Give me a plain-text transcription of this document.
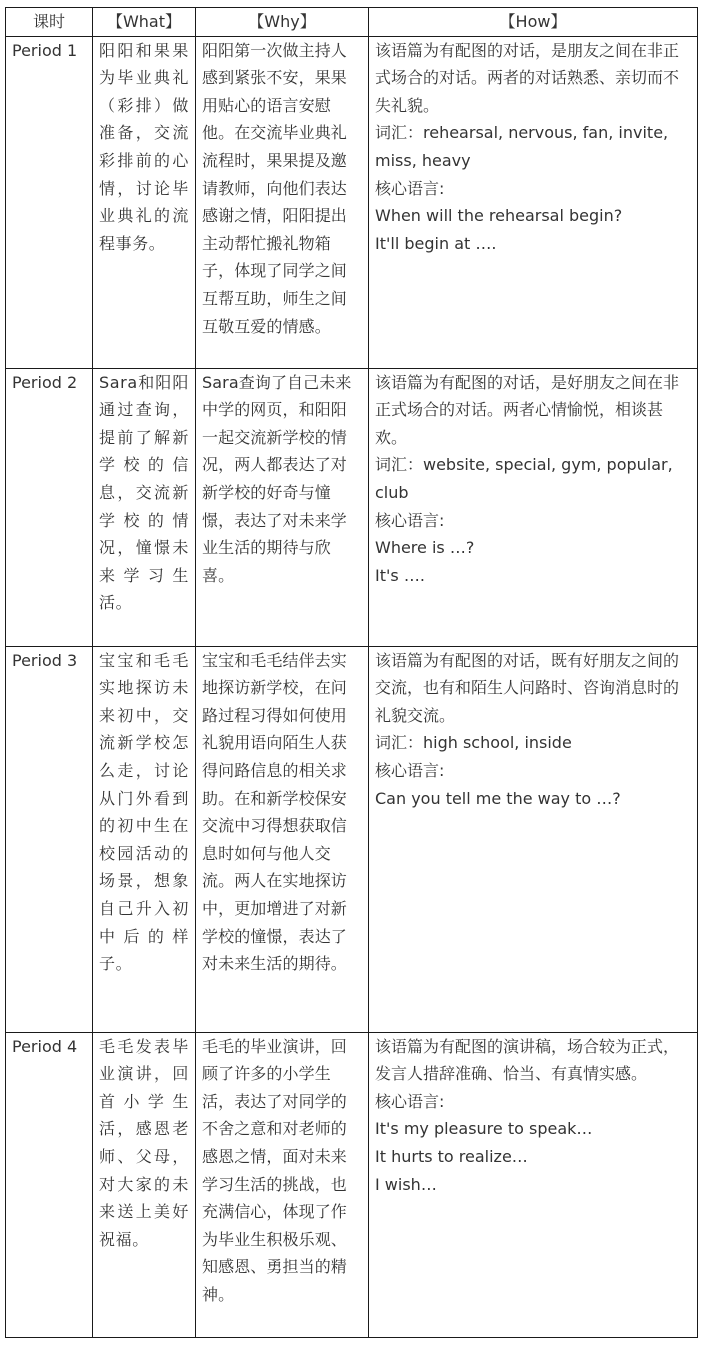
课时	【What】	【Why】	【How】
Period 1	阳阳和果果为毕业典礼（彩排）做准备，交流彩排前的心情，讨论毕业典礼的流程事务。	阳阳第一次做主持人感到紧张不安，果果用贴心的语言安慰他。在交流毕业典礼流程时，果果提及邀请教师，向他们表达感谢之情，阳阳提出主动帮忙搬礼物箱子，体现了同学之间互帮互助，师生之间互敬互爱的情感。	该语篇为有配图的对话，是朋友之间在非正式场合的对话。两者的对话熟悉、亲切而不失礼貌。
词汇：rehearsal, nervous, fan, invite, miss, heavy
核心语言:
When will the rehearsal begin?
It'll begin at ….

Period 2	Sara和阳阳通过查询，提前了解新学校的信息，交流新学校的情况，憧憬未来学习生活。	Sara查询了自己未来中学的网页，和阳阳一起交流新学校的情况，两人都表达了对新学校的好奇与憧憬，表达了对未来学业生活的期待与欣喜。	该语篇为有配图的对话，是好朋友之间在非正式场合的对话。两者心情愉悦，相谈甚欢。
词汇：website, special, gym, popular, club
核心语言:
Where is …?
It's ….

Period 3	宝宝和毛毛实地探访未来初中，交流新学校怎么走，讨论从门外看到的初中生在校园活动的场景，想象自己升入初中后的样子。	宝宝和毛毛结伴去实地探访新学校，在问路过程习得如何使用礼貌用语向陌生人获得问路信息的相关求助。在和新学校保安交流中习得想获取信息时如何与他人交流。两人在实地探访中，更加增进了对新学校的憧憬，表达了对未来生活的期待。	该语篇为有配图的对话，既有好朋友之间的交流，也有和陌生人问路时、咨询消息时的礼貌交流。
词汇：high school, inside
核心语言:
Can you tell me the way to …?

Period 4	毛毛发表毕业演讲，回首小学生活，感恩老师、父母，对大家的未来送上美好祝福。	毛毛的毕业演讲，回顾了许多的小学生活，表达了对同学的不舍之意和对老师的感恩之情，面对未来学习生活的挑战，也充满信心，体现了作为毕业生积极乐观、知感恩、勇担当的精神。	该语篇为有配图的演讲稿，场合较为正式，发言人措辞准确、恰当、有真情实感。
核心语言:
It's my pleasure to speak…
It hurts to realize…
I wish…
